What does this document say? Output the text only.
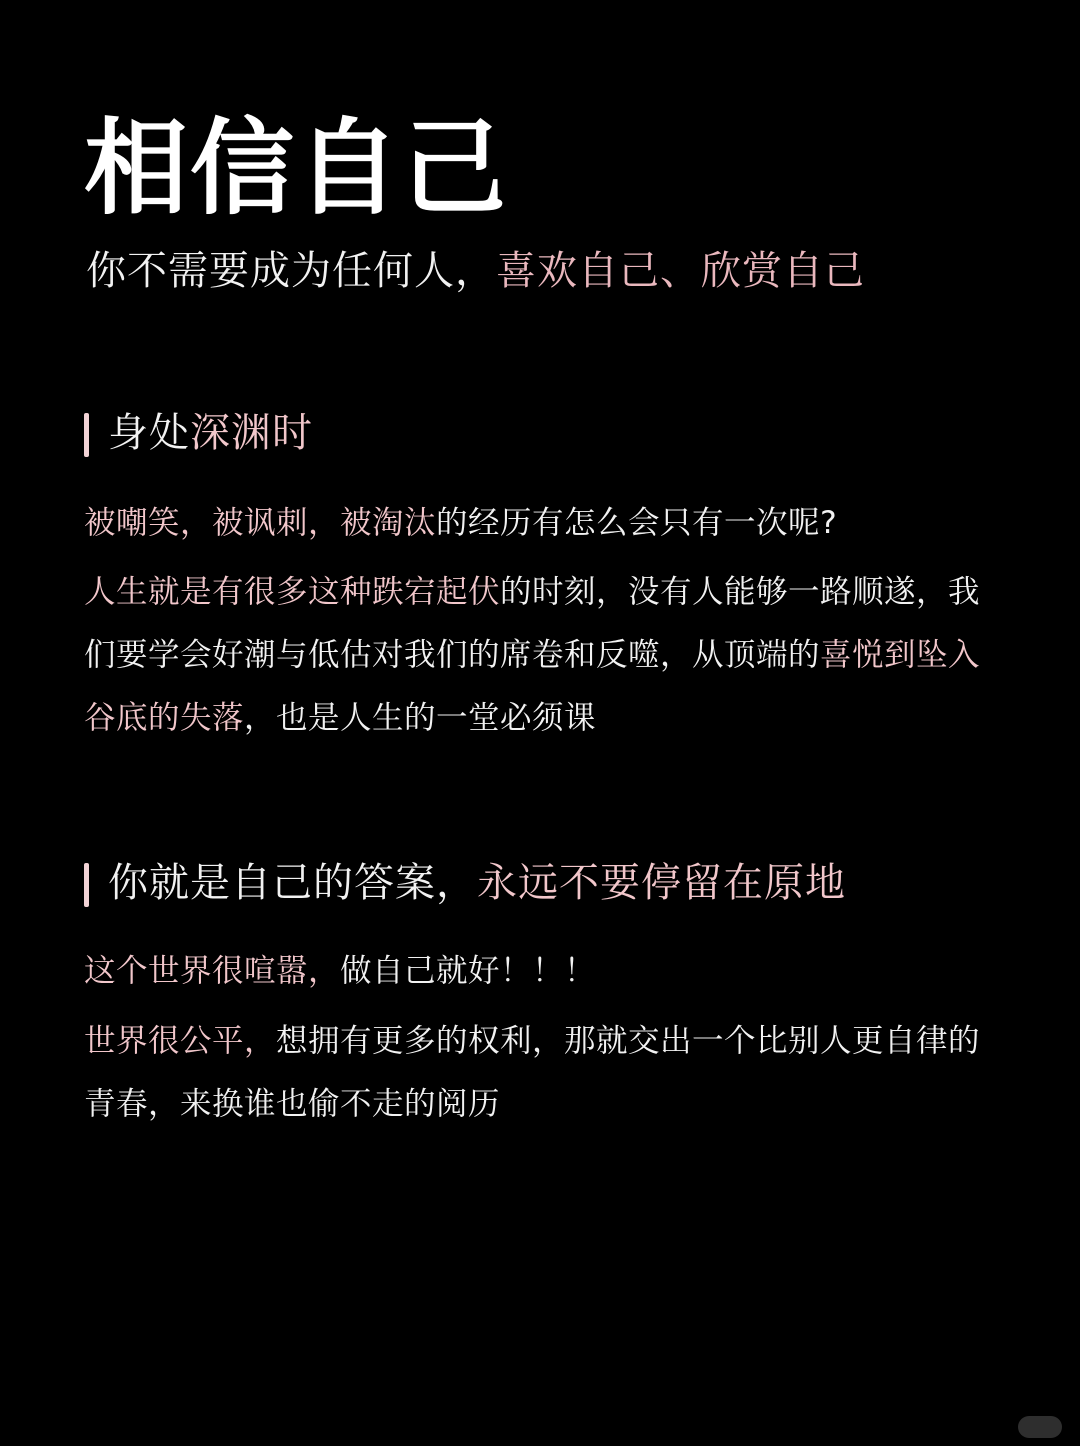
相信自己

你不需要成为任何人，喜欢自己、欣赏自己

身处深渊时

被嘲笑，被讽刺，被淘汰的经历有怎么会只有一次呢?

人生就是有很多这种跌宕起伏的时刻，没有人能够一路顺遂，我们要学会好潮与低估对我们的席卷和反噬，从顶端的喜悦到坠入谷底的失落，也是人生的一堂必须课

你就是自己的答案，永远不要停留在原地

这个世界很喧嚣，做自己就好！！！

世界很公平，想拥有更多的权利，那就交出一个比别人更自律的青春，来换谁也偷不走的阅历
